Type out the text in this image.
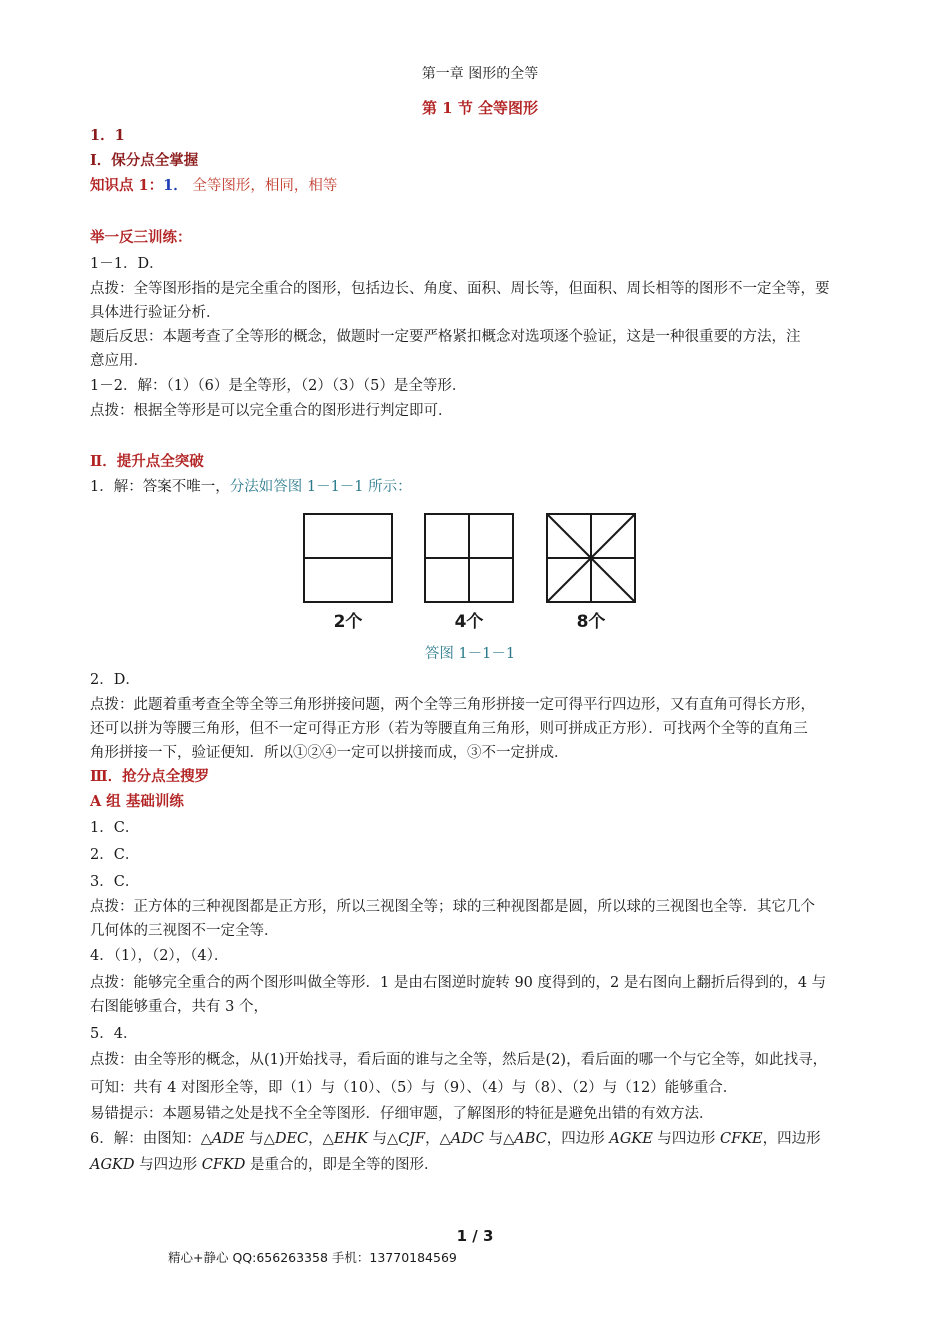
第一章 图形的全等
第 1 节 全等图形
1．1
Ⅰ．保分点全掌握
知识点 1：1． 全等图形，相同，相等
举一反三训练：
1－1．D．
点拨：全等图形指的是完全重合的图形，包括边长、角度、面积、周长等，但面积、周长相等的图形不一定全等，要
具体进行验证分析．
题后反思：本题考查了全等形的概念，做题时一定要严格紧扣概念对选项逐个验证，这是一种很重要的方法，注
意应用．
1－2．解：（1）（6）是全等形，（2）（3）（5）是全等形．
点拨：根据全等形是可以完全重合的图形进行判定即可．
Ⅱ．提升点全突破
1．解：答案不唯一，分法如答图 1－1－1 所示：
2个	4个	8个
答图 1－1－1
2．D．
点拨：此题着重考查全等全等三角形拼接问题，两个全等三角形拼接一定可得平行四边形，又有直角可得长方形，
还可以拼为等腰三角形，但不一定可得正方形（若为等腰直角三角形，则可拼成正方形）．可找两个全等的直角三
角形拼接一下，验证便知．所以①②④一定可以拼接而成，③不一定拼成．
Ⅲ．抢分点全搜罗
A 组 基础训练
1．C．
2．C．
3．C．
点拨：正方体的三种视图都是正方形，所以三视图全等；球的三种视图都是圆，所以球的三视图也全等．其它几个
几何体的三视图不一定全等．
4．（1），（2），（4）．
点拨：能够完全重合的两个图形叫做全等形．1 是由右图逆时旋转 90 度得到的，2 是右图向上翻折后得到的，4 与
右图能够重合，共有 3 个，
5．4．
点拨：由全等形的概念，从(1)开始找寻，看后面的谁与之全等，然后是(2)，看后面的哪一个与它全等，如此找寻，
可知：共有 4 对图形全等，即（1）与（10）、（5）与（9）、（4）与（8）、（2）与（12）能够重合．
易错提示：本题易错之处是找不全全等图形．仔细审题，了解图形的特征是避免出错的有效方法．
6．解：由图知：△ADE 与△DEC，△EHK 与△CJF，△ADC 与△ABC，四边形 AGKE 与四边形 CFKE，四边形
AGKD 与四边形 CFKD 是重合的，即是全等的图形．
1 / 3
精心+静心 QQ:656263358 手机：13770184569
